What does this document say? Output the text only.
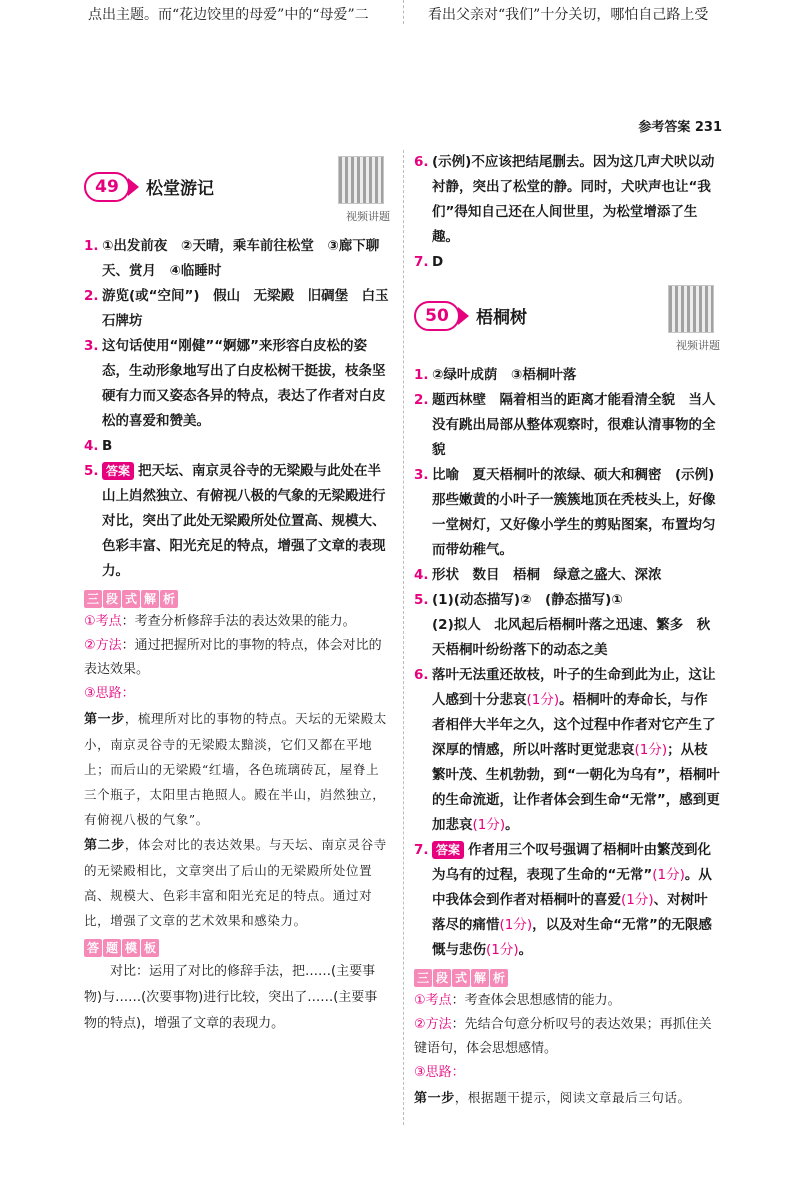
点出主题。而“花边饺里的母爱”中的“母爱”二	看出父亲对“我们”十分关切，哪怕自己路上受
参考答案 231
49	松堂游记
视频讲题
1. ①出发前夜　②天晴，乘车前往松堂　③廊下聊天、赏月　④临睡时
2. 游览(或“空间”)　假山　无梁殿　旧碉堡　白玉石牌坊
3. 这句话使用“刚健”“婀娜”来形容白皮松的姿态，生动形象地写出了白皮松树干挺拔，枝条坚硬有力而又姿态各异的特点，表达了作者对白皮松的喜爱和赞美。
4. B
5. 答案 把天坛、南京灵谷寺的无梁殿与此处在半山上岿然独立、有俯视八极的气象的无梁殿进行对比，突出了此处无梁殿所处位置高、规模大、色彩丰富、阳光充足的特点，增强了文章的表现力。
三 段 式 解 析
①考点：考查分析修辞手法的表达效果的能力。
②方法：通过把握所对比的事物的特点，体会对比的表达效果。
③思路：
第一步，梳理所对比的事物的特点。天坛的无梁殿太小，南京灵谷寺的无梁殿太黯淡，它们又都在平地上；而后山的无梁殿“红墙，各色琉璃砖瓦，屋脊上三个瓶子，太阳里古艳照人。殿在半山，岿然独立，有俯视八极的气象”。
第二步，体会对比的表达效果。与天坛、南京灵谷寺的无梁殿相比，文章突出了后山的无梁殿所处位置高、规模大、色彩丰富和阳光充足的特点。通过对比，增强了文章的艺术效果和感染力。
答 题 模 板
对比：运用了对比的修辞手法，把……(主要事物)与……(次要事物)进行比较，突出了……(主要事物的特点)，增强了文章的表现力。
6. (示例)不应该把结尾删去。因为这几声犬吠以动衬静，突出了松堂的静。同时，犬吠声也让“我们”得知自己还在人间世里，为松堂增添了生趣。
7. D
50	梧桐树
视频讲题
1. ②绿叶成荫　③梧桐叶落
2. 题西林壁　隔着相当的距离才能看清全貌　当人没有跳出局部从整体观察时，很难认清事物的全貌
3. 比喻　夏天梧桐叶的浓绿、硕大和稠密　(示例)那些嫩黄的小叶子一簇簇地顶在秃枝头上，好像一堂树灯，又好像小学生的剪贴图案，布置均匀而带幼稚气。
4. 形状　数目　梧桐　绿意之盛大、深浓
5. (1)(动态描写)②　(静态描写)①
(2)拟人　北风起后梧桐叶落之迅速、繁多　秋天梧桐叶纷纷落下的动态之美
6. 落叶无法重还故枝，叶子的生命到此为止，这让人感到十分悲哀(1分)。梧桐叶的寿命长，与作者相伴大半年之久，这个过程中作者对它产生了深厚的情感，所以叶落时更觉悲哀(1分)；从枝繁叶茂、生机勃勃，到“一朝化为乌有”，梧桐叶的生命流逝，让作者体会到生命“无常”，感到更加悲哀(1分)。
7. 答案 作者用三个叹号强调了梧桐叶由繁茂到化为乌有的过程，表现了生命的“无常”(1分)。从中我体会到作者对梧桐叶的喜爱(1分)、对树叶落尽的痛惜(1分)，以及对生命“无常”的无限感慨与悲伤(1分)。
三 段 式 解 析
①考点：考查体会思想感情的能力。
②方法：先结合句意分析叹号的表达效果；再抓住关键语句，体会思想感情。
③思路：
第一步，根据题干提示，阅读文章最后三句话。
